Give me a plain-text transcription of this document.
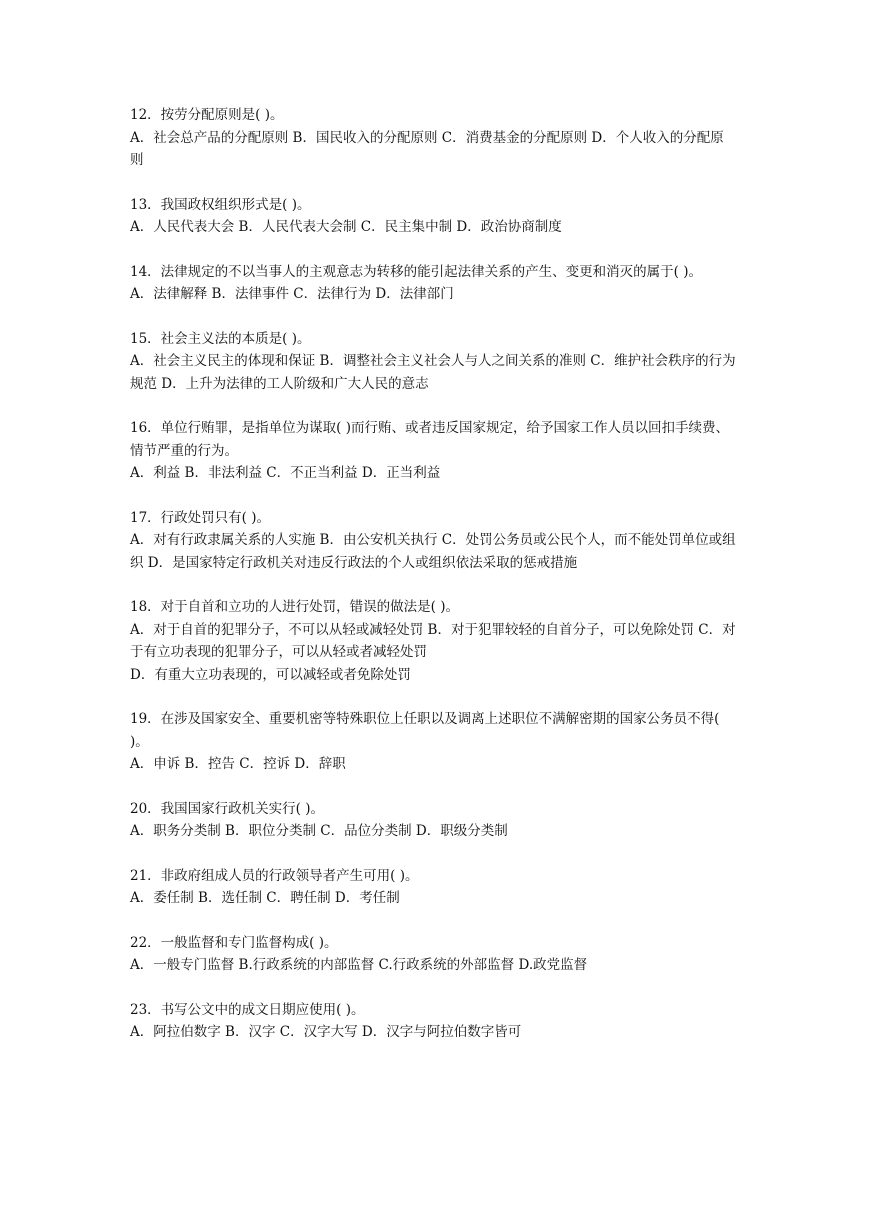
12．按劳分配原则是( )。
A．社会总产品的分配原则 B．国民收入的分配原则 C．消费基金的分配原则 D．个人收入的分配原则
13．我国政权组织形式是( )。
A．人民代表大会 B．人民代表大会制 C．民主集中制 D．政治协商制度
14．法律规定的不以当事人的主观意志为转移的能引起法律关系的产生、变更和消灭的属于( )。
A．法律解释 B．法律事件 C．法律行为 D．法律部门
15．社会主义法的本质是( )。
A．社会主义民主的体现和保证 B．调整社会主义社会人与人之间关系的准则 C．维护社会秩序的行为规范 D．上升为法律的工人阶级和广大人民的意志
16．单位行贿罪，是指单位为谋取( )而行贿、或者违反国家规定，给予国家工作人员以回扣手续费、情节严重的行为。
A．利益 B．非法利益 C．不正当利益 D．正当利益
17．行政处罚只有( )。
A．对有行政隶属关系的人实施 B．由公安机关执行 C．处罚公务员或公民个人，而不能处罚单位或组织 D．是国家特定行政机关对违反行政法的个人或组织依法采取的惩戒措施
18．对于自首和立功的人进行处罚，错误的做法是( )。
A．对于自首的犯罪分子，不可以从轻或减轻处罚 B．对于犯罪较轻的自首分子，可以免除处罚 C．对于有立功表现的犯罪分子，可以从轻或者减轻处罚
D．有重大立功表现的，可以减轻或者免除处罚
19．在涉及国家安全、重要机密等特殊职位上任职以及调离上述职位不满解密期的国家公务员不得( )。
A．申诉 B．控告 C．控诉 D．辞职
20．我国国家行政机关实行( )。
A．职务分类制 B．职位分类制 C．品位分类制 D．职级分类制
21．非政府组成人员的行政领导者产生可用( )。
A．委任制 B．选任制 C．聘任制 D．考任制
22．一般监督和专门监督构成( )。
A．一般专门监督 B.行政系统的内部监督 C.行政系统的外部监督 D.政党监督
23．书写公文中的成文日期应使用( )。
A．阿拉伯数字 B．汉字 C．汉字大写 D．汉字与阿拉伯数字皆可
